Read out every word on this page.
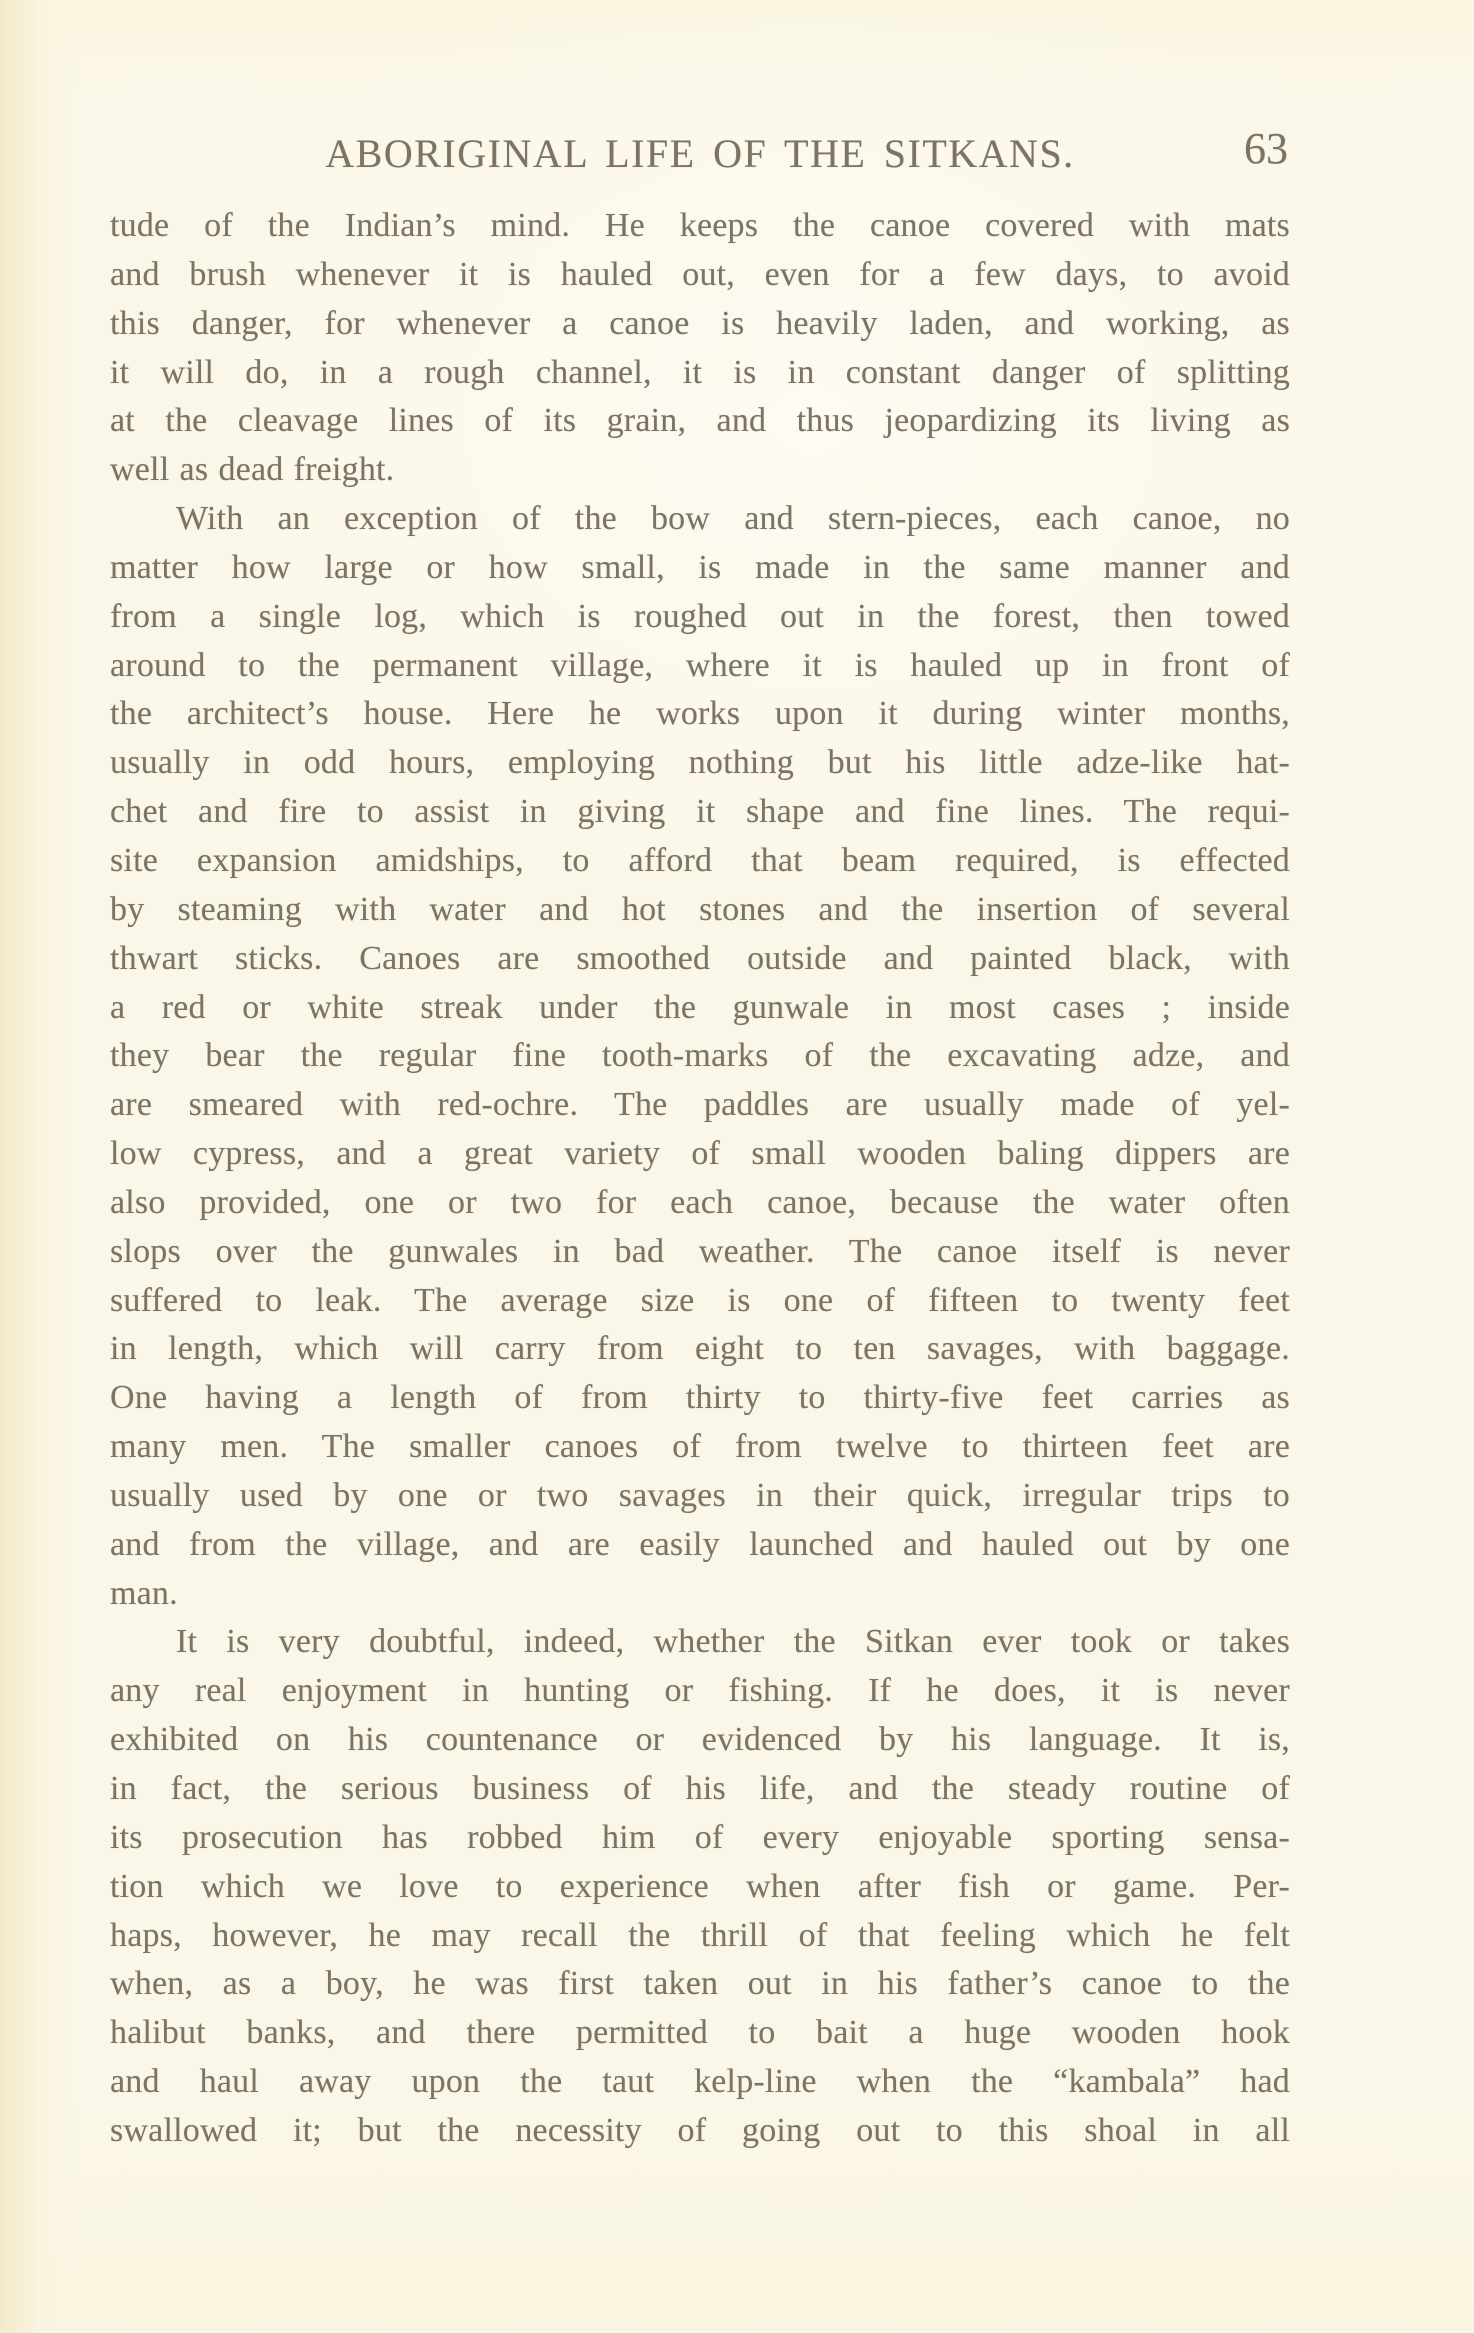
ABORIGINAL LIFE OF THE SITKANS.	63
tude of the Indian’s mind. He keeps the canoe covered with mats
and brush whenever it is hauled out, even for a few days, to avoid
this danger, for whenever a canoe is heavily laden, and working, as
it will do, in a rough channel, it is in constant danger of splitting
at the cleavage lines of its grain, and thus jeopardizing its living as
well as dead freight.
With an exception of the bow and stern-pieces, each canoe, no
matter how large or how small, is made in the same manner and
from a single log, which is roughed out in the forest, then towed
around to the permanent village, where it is hauled up in front of
the architect’s house. Here he works upon it during winter months,
usually in odd hours, employing nothing but his little adze-like hat-
chet and fire to assist in giving it shape and fine lines. The requi-
site expansion amidships, to afford that beam required, is effected
by steaming with water and hot stones and the insertion of several
thwart sticks. Canoes are smoothed outside and painted black, with
a red or white streak under the gunwale in most cases ; inside
they bear the regular fine tooth-marks of the excavating adze, and
are smeared with red-ochre. The paddles are usually made of yel-
low cypress, and a great variety of small wooden baling dippers are
also provided, one or two for each canoe, because the water often
slops over the gunwales in bad weather. The canoe itself is never
suffered to leak. The average size is one of fifteen to twenty feet
in length, which will carry from eight to ten savages, with baggage.
One having a length of from thirty to thirty-five feet carries as
many men. The smaller canoes of from twelve to thirteen feet are
usually used by one or two savages in their quick, irregular trips to
and from the village, and are easily launched and hauled out by one
man.
It is very doubtful, indeed, whether the Sitkan ever took or takes
any real enjoyment in hunting or fishing. If he does, it is never
exhibited on his countenance or evidenced by his language. It is,
in fact, the serious business of his life, and the steady routine of
its prosecution has robbed him of every enjoyable sporting sensa-
tion which we love to experience when after fish or game. Per-
haps, however, he may recall the thrill of that feeling which he felt
when, as a boy, he was first taken out in his father’s canoe to the
halibut banks, and there permitted to bait a huge wooden hook
and haul away upon the taut kelp-line when the “kambala” had
swallowed it; but the necessity of going out to this shoal in all
